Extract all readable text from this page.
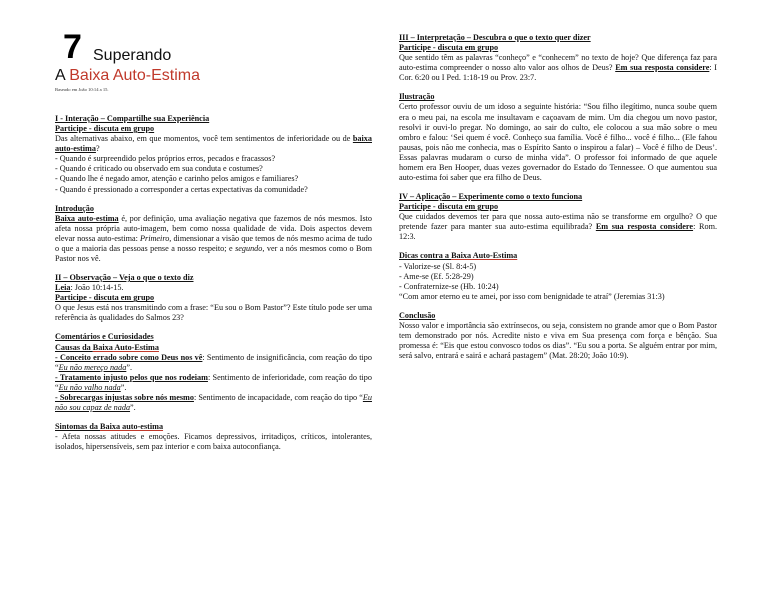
7 Superando
A Baixa Auto-Estima
Baseado em João 10:14 a 15.
I - Interação – Compartilhe sua Experiência
Participe - discuta em grupo

Das alternativas abaixo, em que momentos, você tem sentimentos de inferioridade ou de baixa auto-estima?

- Quando é surpreendido pelos próprios erros, pecados e fracassos?
- Quando é criticado ou observado em sua conduta e costumes?
- Quando lhe é negado amor, atenção e carinho pelos amigos e familiares?
- Quando é pressionado a corresponder a certas expectativas da comunidade?
Introdução

Baixa auto-estima é, por definição, uma avaliação negativa que fazemos de nós mesmos. Isto afeta nossa própria auto-imagem, bem como nossa qualidade de vida. Dois aspectos devem elevar nossa auto-estima: Primeiro, dimensionar a visão que temos de nós mesmo acima de tudo o que a maioria das pessoas pense a nosso respeito; e segundo, ver a nós mesmos como o Bom Pastor nos vê.

II – Observação – Veja o que o texto diz

Leia: João 10:14-15.

Participe - discuta em grupo

O que Jesus está nos transmitindo com a frase: “Eu sou o Bom Pastor”? Este título pode ser uma referência às qualidades do Salmos 23?

Comentários e Curiosidades

Causas da Baixa Auto-Estima

- Conceito errado sobre como Deus nos vê: Sentimento de insignificância, com reação do tipo “Eu não mereço nada”.

- Tratamento injusto pelos que nos rodeiam: Sentimento de inferioridade, com reação do tipo “Eu não valho nada”.

- Sobrecargas injustas sobre nós mesmo: Sentimento de incapacidade, com reação do tipo “Eu não sou capaz de nada”.

Sintomas da Baixa auto-estima

- Afeta nossas atitudes e emoções. Ficamos depressivos, irritadiços, críticos, intolerantes, isolados, hipersensíveis, sem paz interior e com baixa autoconfiança.

III – Interpretação – Descubra o que o texto quer dizer
Participe - discuta em grupo

Que sentido têm as palavras “conheço” e “conhecem” no texto de hoje? Que diferença faz para auto-estima compreender o nosso alto valor aos olhos de Deus? Em sua resposta considere: I Cor. 6:20 ou I Ped. 1:18-19 ou Prov. 23:7.

Ilustração

Certo professor ouviu de um idoso a seguinte história: “Sou filho ilegítimo, nunca soube quem era o meu pai, na escola me insultavam e caçoavam de mim. Um dia chegou um novo pastor, resolvi ir ouvi-lo pregar. No domingo, ao sair do culto, ele colocou a sua mão sobre o meu ombro e falou: ‘Sei quem é você. Conheço sua família. Você é filho... você é filho... (Ele fahou pausas, pois não me conhecia, mas o Espírito Santo o inspirou a falar) – Você é filho de Deus’. Essas palavras mudaram o curso de minha vida”. O professor foi informado de que aquele homem era Ben Hooper, duas vezes governador do Estado do Tennessee. O que aumentou sua auto-estima foi saber que era filho de Deus.

IV – Aplicação – Experimente como o texto funciona
Participe - discuta em grupo

Que cuidados devemos ter para que nossa auto-estima não se transforme em orgulho? O que pretende fazer para manter sua auto-estima equilibrada? Em sua resposta considere: Rom. 12:3.

Dicas contra a Baixa Auto-Estima

- Valorize-se (Sl. 8:4-5)
- Ame-se (Ef. 5:28-29)
- Confraternize-se (Hb. 10:24)

“Com amor eterno eu te amei, por isso com benignidade te atraí” (Jeremias 31:3)

Conclusão

Nosso valor e importância são extrínsecos, ou seja, consistem no grande amor que o Bom Pastor tem demonstrado por nós. Acredite nisto e viva em Sua presença com força e bênção. Sua promessa é: “Eis que estou convosco todos os dias”. “Eu sou a porta. Se alguém entrar por mim, será salvo, entrará e sairá e achará pastagem” (Mat. 28:20; João 10:9).
